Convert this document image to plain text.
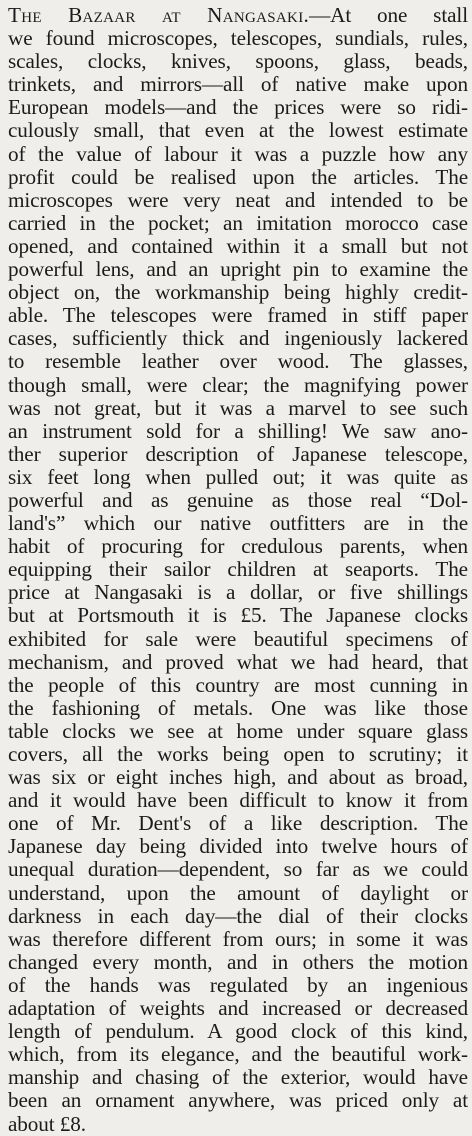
The Bazaar at Nangasaki.—At one stall
we found microscopes, telescopes, sundials, rules,
scales, clocks, knives, spoons, glass, beads,
trinkets, and mirrors—all of native make upon
European models—and the prices were so ridi-
culously small, that even at the lowest estimate
of the value of labour it was a puzzle how any
profit could be realised upon the articles. The
microscopes were very neat and intended to be
carried in the pocket; an imitation morocco case
opened, and contained within it a small but not
powerful lens, and an upright pin to examine the
object on, the workmanship being highly credit-
able. The telescopes were framed in stiff paper
cases, sufficiently thick and ingeniously lackered
to resemble leather over wood. The glasses,
though small, were clear; the magnifying power
was not great, but it was a marvel to see such
an instrument sold for a shilling! We saw ano-
ther superior description of Japanese telescope,
six feet long when pulled out; it was quite as
powerful and as genuine as those real “Dol-
land's” which our native outfitters are in the
habit of procuring for credulous parents, when
equipping their sailor children at seaports. The
price at Nangasaki is a dollar, or five shillings
but at Portsmouth it is £5. The Japanese clocks
exhibited for sale were beautiful specimens of
mechanism, and proved what we had heard, that
the people of this country are most cunning in
the fashioning of metals. One was like those
table clocks we see at home under square glass
covers, all the works being open to scrutiny; it
was six or eight inches high, and about as broad,
and it would have been difficult to know it from
one of Mr. Dent's of a like description. The
Japanese day being divided into twelve hours of
unequal duration—dependent, so far as we could
understand, upon the amount of daylight or
darkness in each day—the dial of their clocks
was therefore different from ours; in some it was
changed every month, and in others the motion
of the hands was regulated by an ingenious
adaptation of weights and increased or decreased
length of pendulum. A good clock of this kind,
which, from its elegance, and the beautiful work-
manship and chasing of the exterior, would have
been an ornament anywhere, was priced only at
about £8.
